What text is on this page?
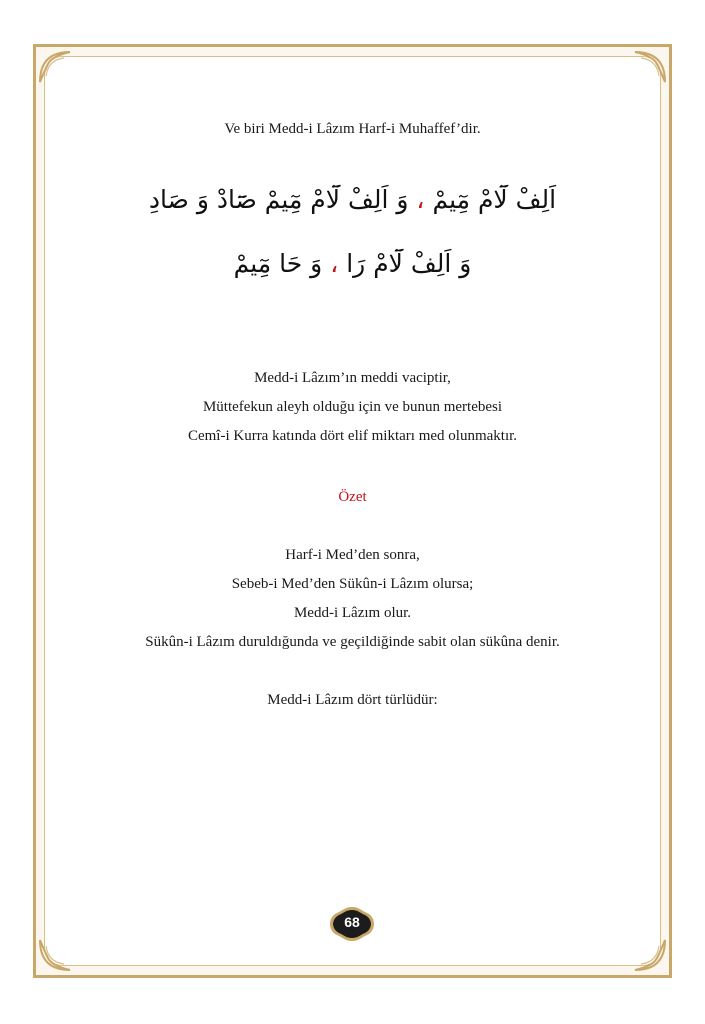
Ve biri Medd-i Lâzım Harf-i Muhaffef’dir.
اَلِفْ لَٓامْ مِٓيمْ ، وَ اَلِفْ لَٓامْ مِٓيمْ صَٓادْ وَ صَادِ
وَ اَلِفْ لَٓامْ رَا ، وَ حَا مِٓيمْ
Medd-i Lâzım’ın meddi vaciptir,
Müttefekun aleyh olduğu için ve bunun mertebesi
Cemî-i Kurra katında dört elif miktarı med olunmaktır.
Özet
Harf-i Med’den sonra,
Sebeb-i Med’den Sükûn-i Lâzım olursa;
Medd-i Lâzım olur.
Sükûn-i Lâzım duruldığunda ve geçildiğinde sabit olan sükûna denir.
Medd-i Lâzım dört türlüdür:
68
